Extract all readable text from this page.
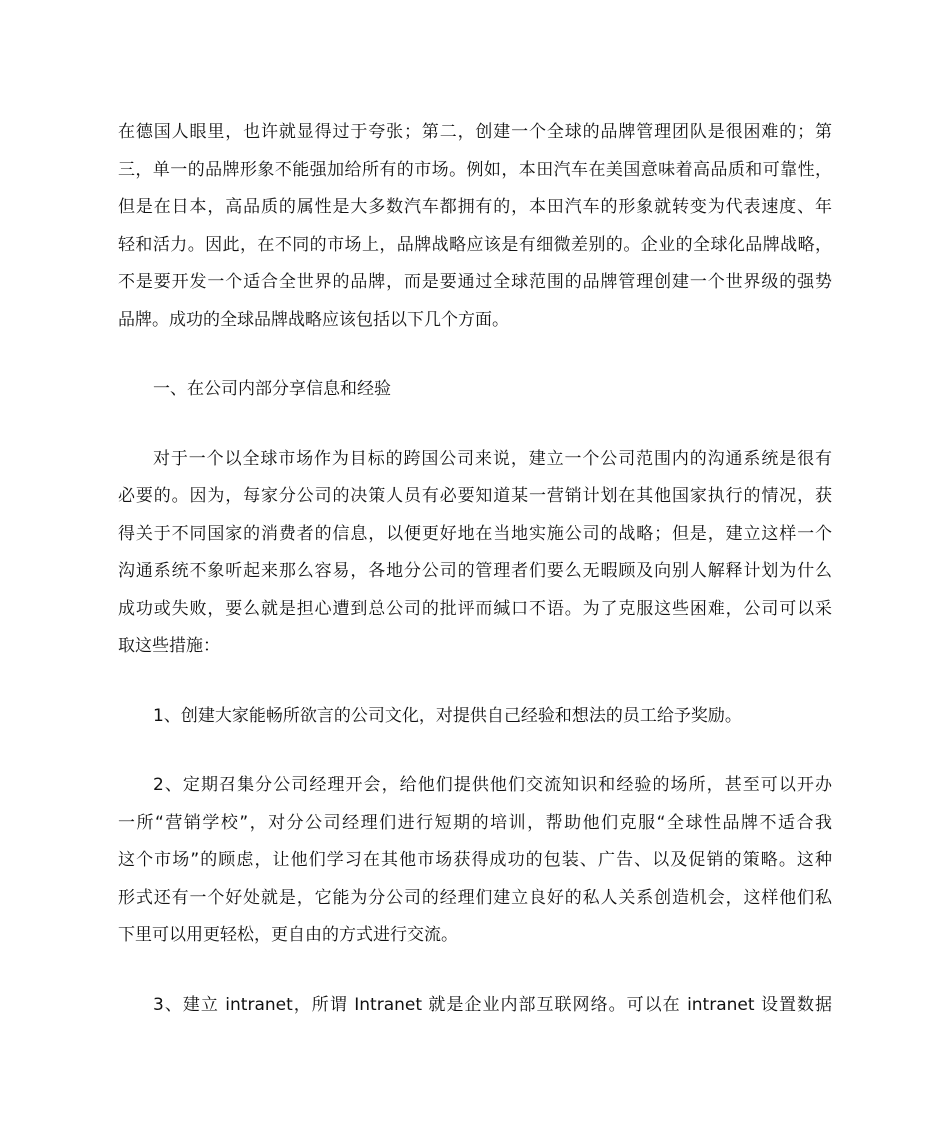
在德国人眼里，也许就显得过于夸张；第二，创建一个全球的品牌管理团队是很困难的；第
三，单一的品牌形象不能强加给所有的市场。例如，本田汽车在美国意味着高品质和可靠性，
但是在日本，高品质的属性是大多数汽车都拥有的，本田汽车的形象就转变为代表速度、年
轻和活力。因此，在不同的市场上，品牌战略应该是有细微差别的。企业的全球化品牌战略，
不是要开发一个适合全世界的品牌，而是要通过全球范围的品牌管理创建一个世界级的强势
品牌。成功的全球品牌战略应该包括以下几个方面。

一、在公司内部分享信息和经验

对于一个以全球市场作为目标的跨国公司来说，建立一个公司范围内的沟通系统是很有
必要的。因为，每家分公司的决策人员有必要知道某一营销计划在其他国家执行的情况，获
得关于不同国家的消费者的信息，以便更好地在当地实施公司的战略；但是，建立这样一个
沟通系统不象听起来那么容易，各地分公司的管理者们要么无暇顾及向别人解释计划为什么
成功或失败，要么就是担心遭到总公司的批评而缄口不语。为了克服这些困难，公司可以采
取这些措施：

1、创建大家能畅所欲言的公司文化，对提供自己经验和想法的员工给予奖励。

2、定期召集分公司经理开会，给他们提供他们交流知识和经验的场所，甚至可以开办
一所“营销学校”，对分公司经理们进行短期的培训，帮助他们克服“全球性品牌不适合我
这个市场”的顾虑，让他们学习在其他市场获得成功的包装、广告、以及促销的策略。这种
形式还有一个好处就是，它能为分公司的经理们建立良好的私人关系创造机会，这样他们私
下里可以用更轻松，更自由的方式进行交流。

3、建立 intranet，所谓 Intranet 就是企业内部互联网络。可以在 intranet 设置数据
